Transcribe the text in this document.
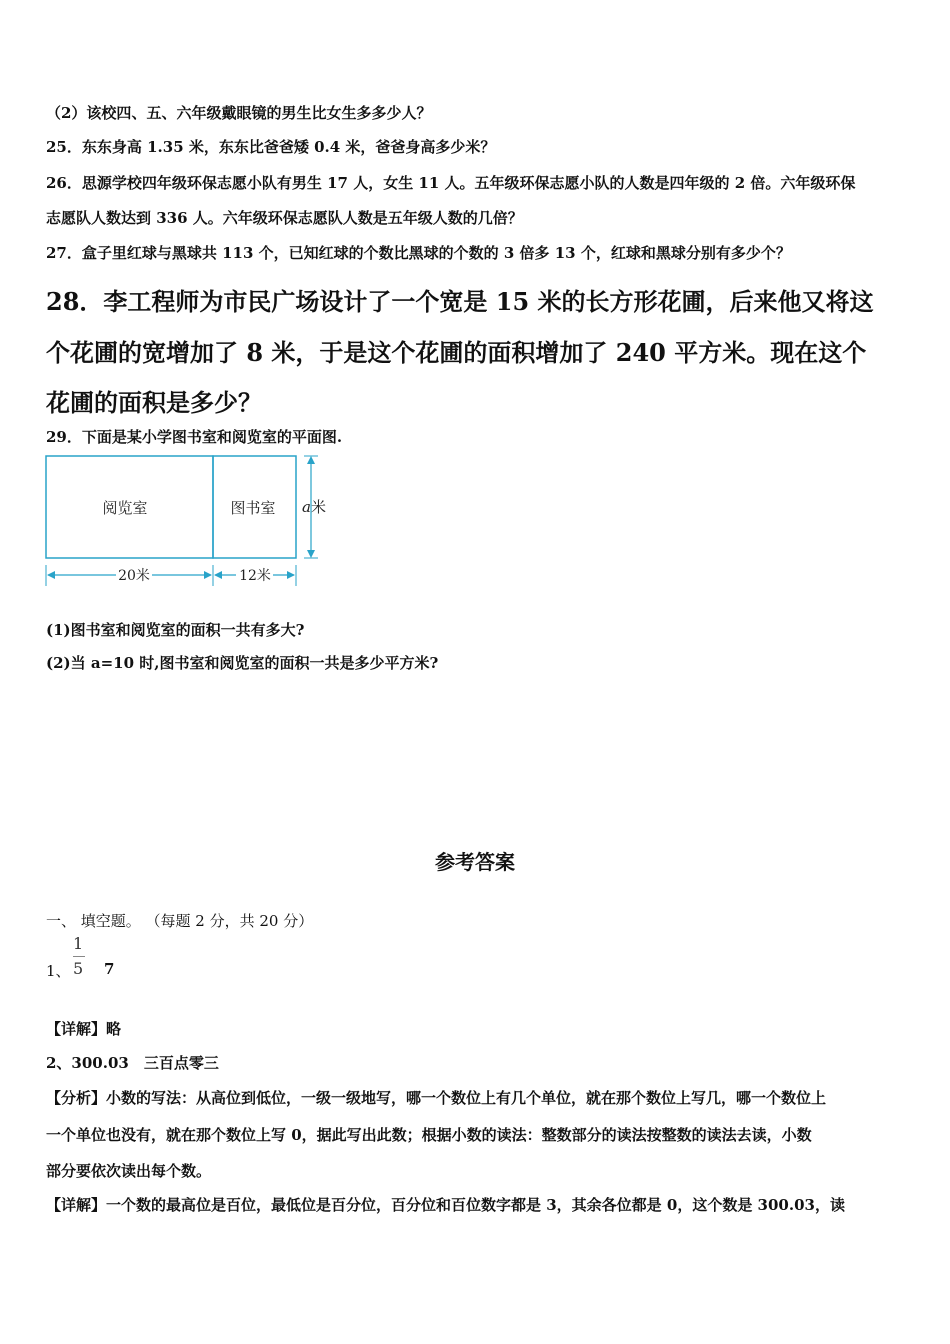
（2）该校四、五、六年级戴眼镜的男生比女生多多少人？
25．东东身高 1.35 米，东东比爸爸矮 0.4 米，爸爸身高多少米？
26．思源学校四年级环保志愿小队有男生 17 人，女生 11 人。五年级环保志愿小队的人数是四年级的 2 倍。六年级环保
志愿队人数达到 336 人。六年级环保志愿队人数是五年级人数的几倍？
27．盒子里红球与黑球共 113 个，已知红球的个数比黑球的个数的 3 倍多 13 个，红球和黑球分别有多少个？
28．李工程师为市民广场设计了一个宽是 15 米的长方形花圃，后来他又将这
个花圃的宽增加了 8 米，于是这个花圃的面积增加了 240 平方米。现在这个
花圃的面积是多少？
29．下面是某小学图书室和阅览室的平面图.
阅览室	图书室 a米
20米	12米
(1)图书室和阅览室的面积一共有多大?
(2)当 a=10 时,图书室和阅览室的面积一共是多少平方米?
参考答案
一、 填空题。 （每题 2 分，共 20 分）
1、
1
5 7
【详解】略
2、300.03　三百点零三
【分析】小数的写法：从高位到低位，一级一级地写，哪一个数位上有几个单位，就在那个数位上写几，哪一个数位上
一个单位也没有，就在那个数位上写 0，据此写出此数；根据小数的读法：整数部分的读法按整数的读法去读，小数
部分要依次读出每个数。
【详解】一个数的最高位是百位，最低位是百分位，百分位和百位数字都是 3，其余各位都是 0，这个数是 300.03，读
